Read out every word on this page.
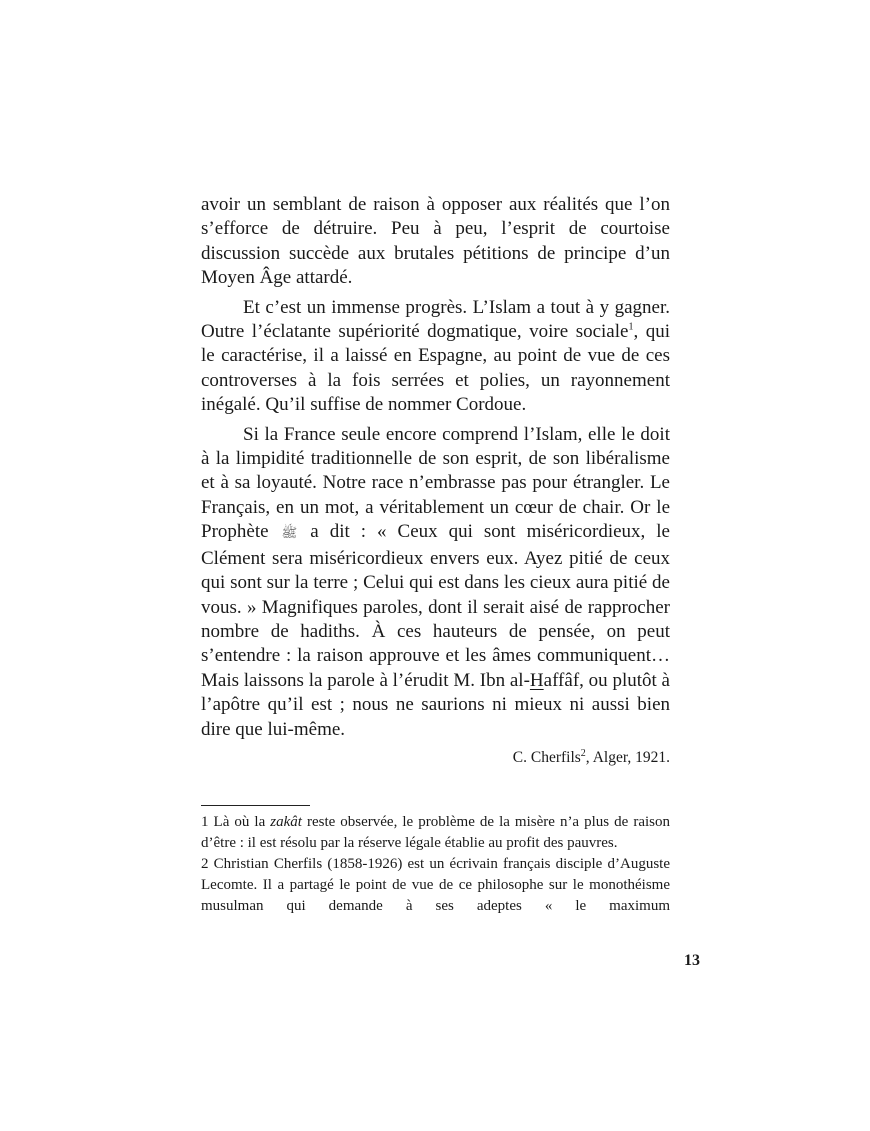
avoir un semblant de raison à opposer aux réalités que l’on s’efforce de détruire. Peu à peu, l’esprit de courtoise discussion succède aux brutales pétitions de principe d’un Moyen Âge attardé.

Et c’est un immense progrès. L’Islam a tout à y gagner. Outre l’éclatante supériorité dogmatique, voire sociale$^1$, qui le caractérise, il a laissé en Espagne, au point de vue de ces controverses à la fois serrées et polies, un rayonnement inégalé. Qu’il suffise de nommer Cordoue.

Si la France seule encore comprend l’Islam, elle le doit à la limpidité traditionnelle de son esprit, de son libéralisme et à sa loyauté. Notre race n’embrasse pas pour étrangler. Le Français, en un mot, a véritablement un cœur de chair. Or le Prophète ﷺ a dit : « Ceux qui sont miséricordieux, le Clément sera miséricordieux envers eux. Ayez pitié de ceux qui sont sur la terre ; Celui qui est dans les cieux aura pitié de vous. » Magnifiques paroles, dont il serait aisé de rapprocher nombre de hadiths. À ces hauteurs de pensée, on peut s’entendre : la raison approuve et les âmes communiquent… Mais laissons la parole à l’érudit M. Ibn al-Haffâf, ou plutôt à l’apôtre qu’il est ; nous ne saurions ni mieux ni aussi bien dire que lui-même.

C. Cherfils$^2$, Alger, 1921.

1 Là où la zakât reste observée, le problème de la misère n’a plus de raison d’être : il est résolu par la réserve légale établie au profit des pauvres.

2 Christian Cherfils (1858-1926) est un écrivain français disciple d’Auguste Lecomte. Il a partagé le point de vue de ce philosophe sur le monothéisme musulman qui demande à ses adeptes « le maximum

13
